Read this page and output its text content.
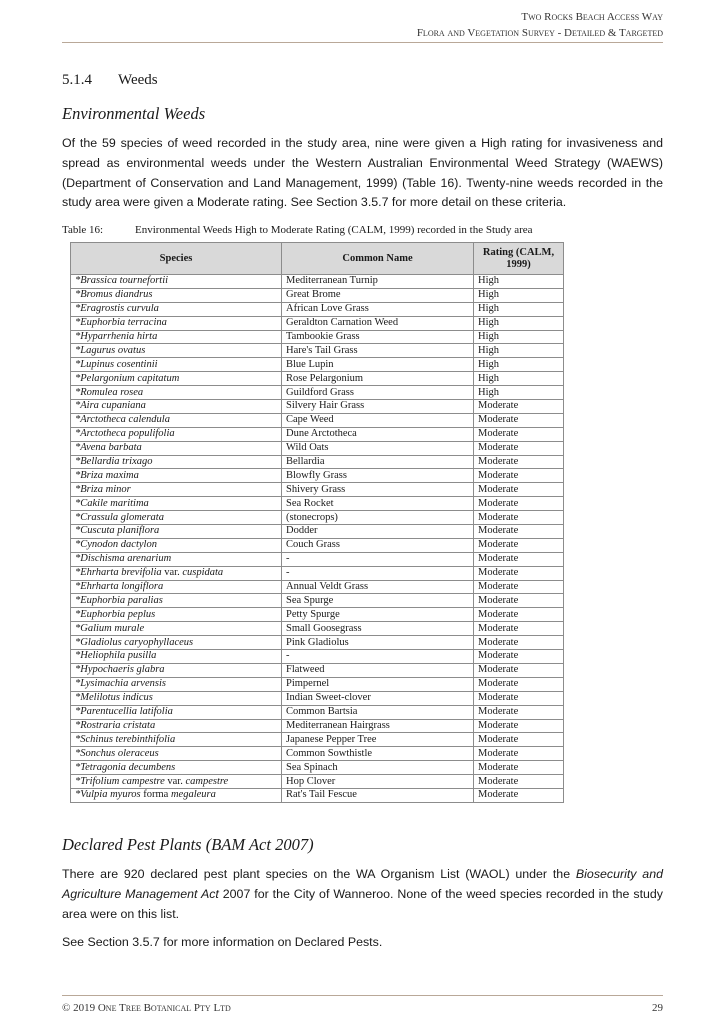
Two Rocks Beach Access Way
Flora and Vegetation Survey - Detailed & Targeted
5.1.4 Weeds
Environmental Weeds
Of the 59 species of weed recorded in the study area, nine were given a High rating for invasiveness and spread as environmental weeds under the Western Australian Environmental Weed Strategy (WAEWS) (Department of Conservation and Land Management, 1999) (Table 16). Twenty-nine weeds recorded in the study area were given a Moderate rating. See Section 3.5.7 for more detail on these criteria.
Table 16:	Environmental Weeds High to Moderate Rating (CALM, 1999) recorded in the Study area
Species	Common Name	Rating (CALM, 1999)
*Brassica tournefortii	Mediterranean Turnip	High
*Bromus diandrus	Great Brome	High
*Eragrostis curvula	African Love Grass	High
*Euphorbia terracina	Geraldton Carnation Weed	High
*Hyparrhenia hirta	Tambookie Grass	High
*Lagurus ovatus	Hare's Tail Grass	High
*Lupinus cosentinii	Blue Lupin	High
*Pelargonium capitatum	Rose Pelargonium	High
*Romulea rosea	Guildford Grass	High
*Aira cupaniana	Silvery Hair Grass	Moderate
*Arctotheca calendula	Cape Weed	Moderate
*Arctotheca populifolia	Dune Arctotheca	Moderate
*Avena barbata	Wild Oats	Moderate
*Bellardia trixago	Bellardia	Moderate
*Briza maxima	Blowfly Grass	Moderate
*Briza minor	Shivery Grass	Moderate
*Cakile maritima	Sea Rocket	Moderate
*Crassula glomerata	(stonecrops)	Moderate
*Cuscuta planiflora	Dodder	Moderate
*Cynodon dactylon	Couch Grass	Moderate
*Dischisma arenarium	-	Moderate
*Ehrharta brevifolia var. cuspidata	-	Moderate
*Ehrharta longiflora	Annual Veldt Grass	Moderate
*Euphorbia paralias	Sea Spurge	Moderate
*Euphorbia peplus	Petty Spurge	Moderate
*Galium murale	Small Goosegrass	Moderate
*Gladiolus caryophyllaceus	Pink Gladiolus	Moderate
*Heliophila pusilla	-	Moderate
*Hypochaeris glabra	Flatweed	Moderate
*Lysimachia arvensis	Pimpernel	Moderate
*Melilotus indicus	Indian Sweet-clover	Moderate
*Parentucellia latifolia	Common Bartsia	Moderate
*Rostraria cristata	Mediterranean Hairgrass	Moderate
*Schinus terebinthifolia	Japanese Pepper Tree	Moderate
*Sonchus oleraceus	Common Sowthistle	Moderate
*Tetragonia decumbens	Sea Spinach	Moderate
*Trifolium campestre var. campestre	Hop Clover	Moderate
*Vulpia myuros forma megaleura	Rat's Tail Fescue	Moderate
Declared Pest Plants (BAM Act 2007)
There are 920 declared pest plant species on the WA Organism List (WAOL) under the Biosecurity and Agriculture Management Act 2007 for the City of Wanneroo. None of the weed species recorded in the study area were on this list.
See Section 3.5.7 for more information on Declared Pests.
© 2019 One Tree Botanical Pty Ltd	29
